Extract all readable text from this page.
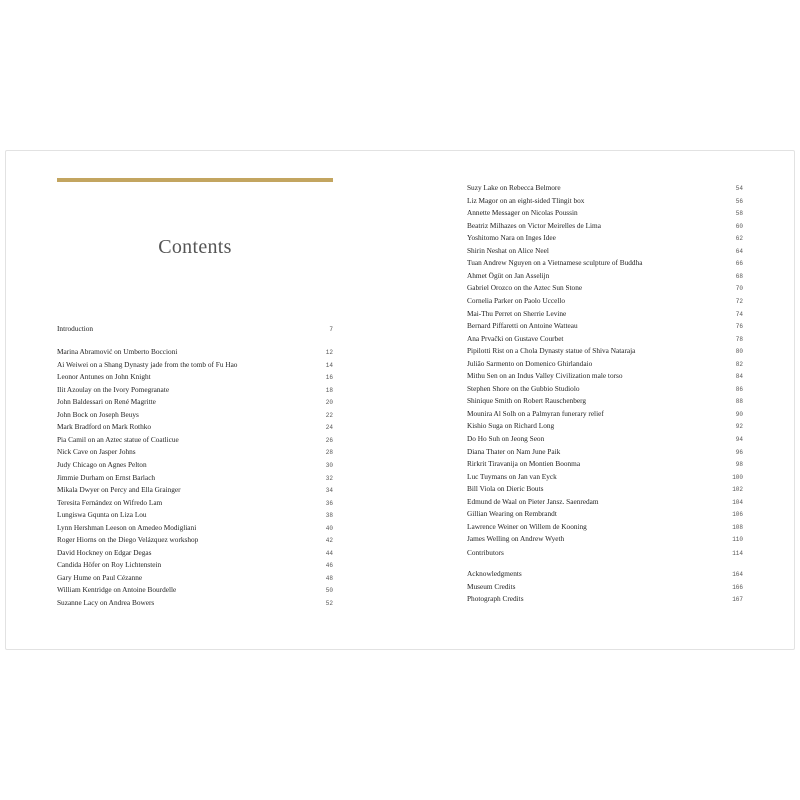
Contents
Introduction	7
Marina Abramović on Umberto Boccioni	12
Ai Weiwei on a Shang Dynasty jade from the tomb of Fu Hao	14
Leonor Antunes on John Knight	16
Ilit Azoulay on the Ivory Pomegranate	18
John Baldessari on René Magritte	20
John Bock on Joseph Beuys	22
Mark Bradford on Mark Rothko	24
Pia Camil on an Aztec statue of Coatlicue	26
Nick Cave on Jasper Johns	28
Judy Chicago on Agnes Pelton	30
Jimmie Durham on Ernst Barlach	32
Mikala Dwyer on Percy and Ella Grainger	34
Teresita Fernández on Wifredo Lam	36
Lungiswa Gqunta on Liza Lou	38
Lynn Hershman Leeson on Amedeo Modigliani	40
Roger Hiorns on the Diego Velázquez workshop	42
David Hockney on Edgar Degas	44
Candida Höfer on Roy Lichtenstein	46
Gary Hume on Paul Cézanne	48
William Kentridge on Antoine Bourdelle	50
Suzanne Lacy on Andrea Bowers	52
Suzy Lake on Rebecca Belmore	54
Liz Magor on an eight-sided Tlingit box	56
Annette Messager on Nicolas Poussin	58
Beatriz Milhazes on Victor Meirelles de Lima	60
Yoshitomo Nara on Inges Idee	62
Shirin Neshat on Alice Neel	64
Tuan Andrew Nguyen on a Vietnamese sculpture of Buddha	66
Ahmet Ögüt on Jan Asselijn	68
Gabriel Orozco on the Aztec Sun Stone	70
Cornelia Parker on Paolo Uccello	72
Mai-Thu Perret on Sherrie Levine	74
Bernard Piffaretti on Antoine Watteau	76
Ana Prvački on Gustave Courbet	78
Pipilotti Rist on a Chola Dynasty statue of Shiva Nataraja	80
Julião Sarmento on Domenico Ghirlandaio	82
Mithu Sen on an Indus Valley Civilization male torso	84
Stephen Shore on the Gubbio Studiolo	86
Shinique Smith on Robert Rauschenberg	88
Mounira Al Solh on a Palmyran funerary relief	90
Kishio Suga on Richard Long	92
Do Ho Suh on Jeong Seon	94
Diana Thater on Nam June Paik	96
Rirkrit Tiravanija on Montien Boonma	98
Luc Tuymans on Jan van Eyck	100
Bill Viola on Dieric Bouts	102
Edmund de Waal on Pieter Jansz. Saenredam	104
Gillian Wearing on Rembrandt	106
Lawrence Weiner on Willem de Kooning	108
James Welling on Andrew Wyeth	110
Contributors	114
Acknowledgments	164
Museum Credits	166
Photograph Credits	167
